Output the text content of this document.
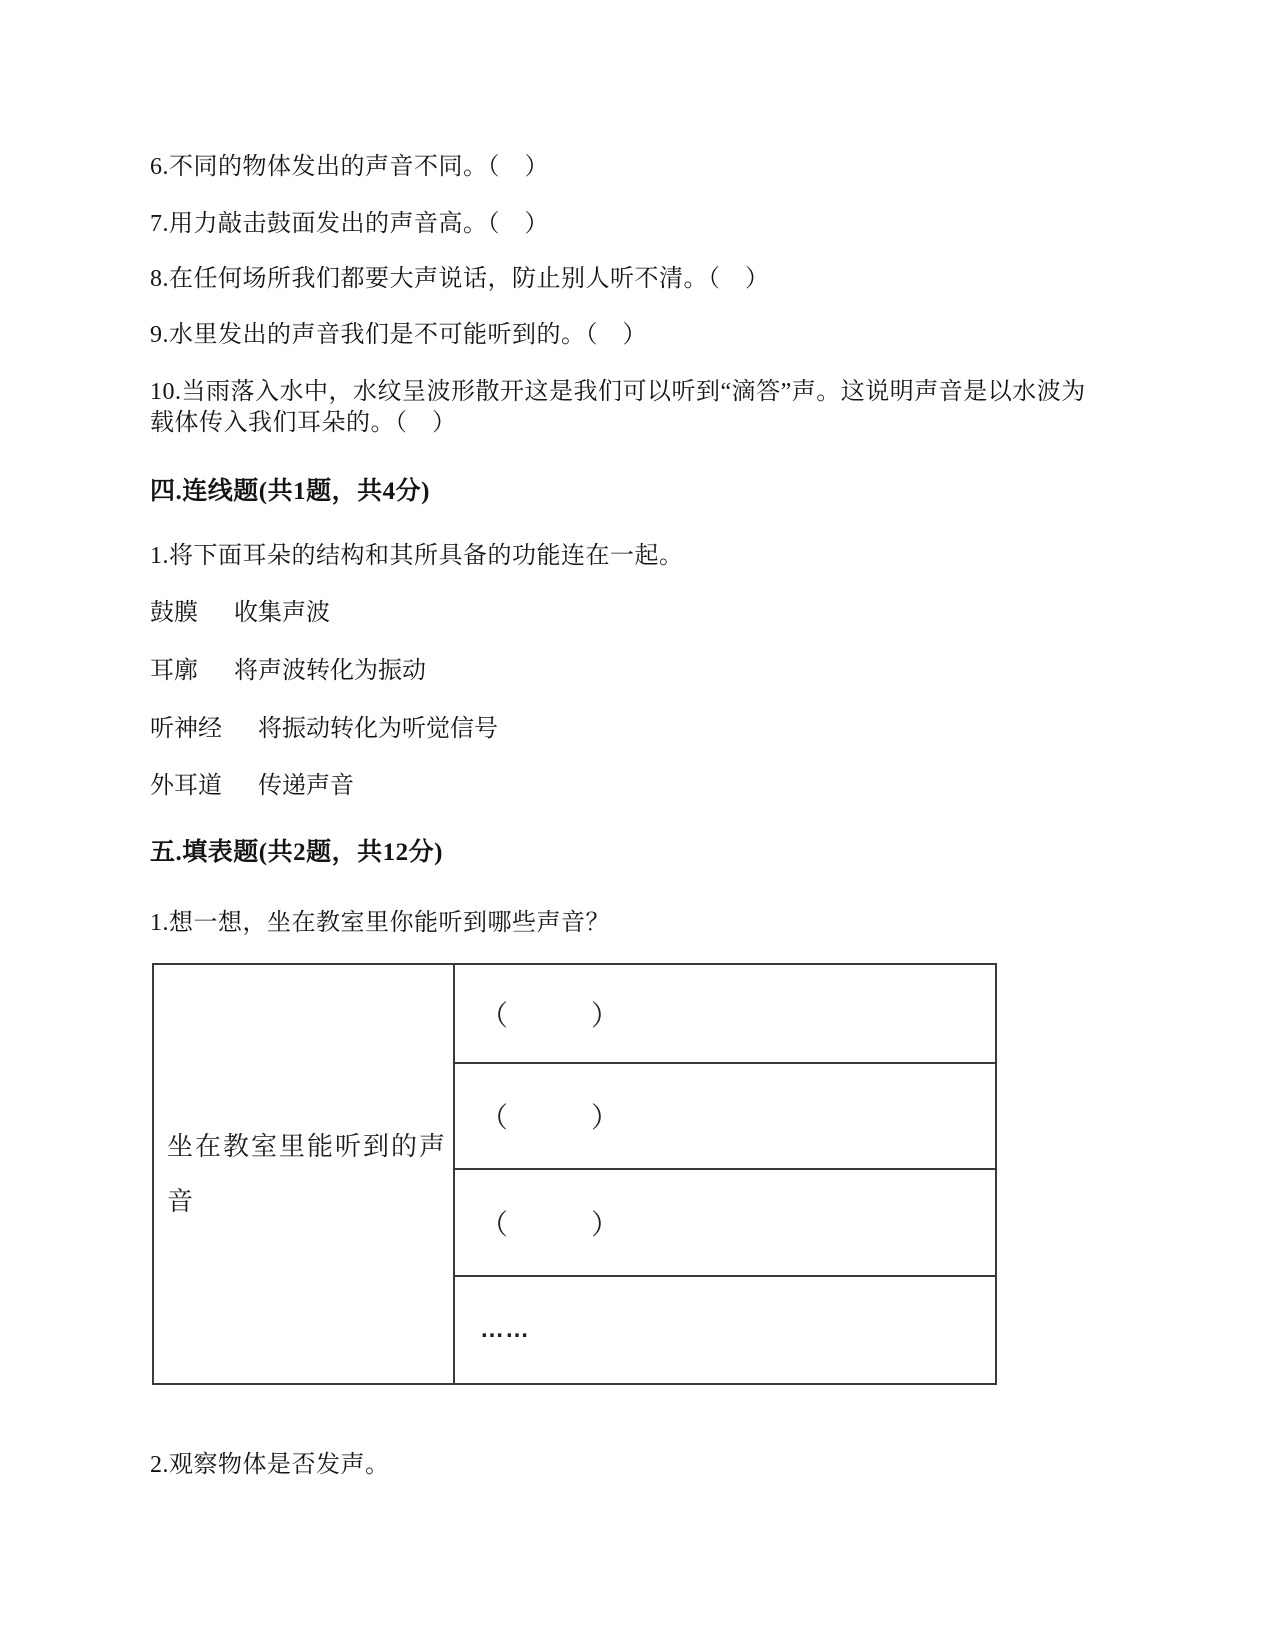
6.不同的物体发出的声音不同。（　）
7.用力敲击鼓面发出的声音高。（　）
8.在任何场所我们都要大声说话，防止别人听不清。（　）
9.水里发出的声音我们是不可能听到的。（　）
10.当雨落入水中，水纹呈波形散开这是我们可以听到“滴答”声。这说明声音是以水波为
载体传入我们耳朵的。（　）
四.连线题(共1题，共4分)
1.将下面耳朵的结构和其所具备的功能连在一起。
鼓膜 收集声波
耳廓 将声波转化为振动
听神经 将振动转化为听觉信号
外耳道 传递声音
五.填表题(共2题，共12分)
1.想一想，坐在教室里你能听到哪些声音？
坐在教室里能听到的声音
（　　）
（　　）
（　　）
……
2.观察物体是否发声。
